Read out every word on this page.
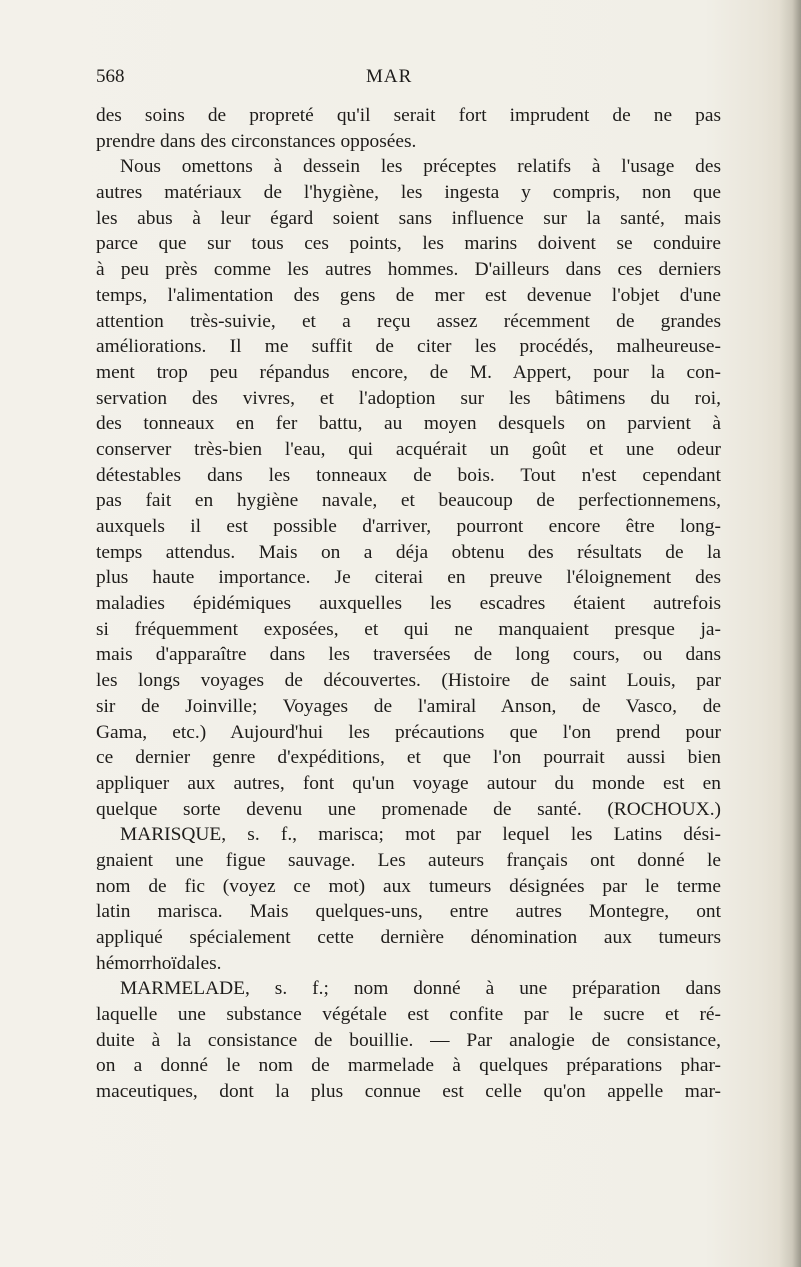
568	MAR
des soins de propreté qu'il serait fort imprudent de ne pas
prendre dans des circonstances opposées.
Nous omettons à dessein les préceptes relatifs à l'usage des
autres matériaux de l'hygiène, les ingesta y compris, non que
les abus à leur égard soient sans influence sur la santé, mais
parce que sur tous ces points, les marins doivent se conduire
à peu près comme les autres hommes. D'ailleurs dans ces derniers
temps, l'alimentation des gens de mer est devenue l'objet d'une
attention très-suivie, et a reçu assez récemment de grandes
améliorations. Il me suffit de citer les procédés, malheureuse-
ment trop peu répandus encore, de M. Appert, pour la con-
servation des vivres, et l'adoption sur les bâtimens du roi,
des tonneaux en fer battu, au moyen desquels on parvient à
conserver très-bien l'eau, qui acquérait un goût et une odeur
détestables dans les tonneaux de bois. Tout n'est cependant
pas fait en hygiène navale, et beaucoup de perfectionnemens,
auxquels il est possible d'arriver, pourront encore être long-
temps attendus. Mais on a déja obtenu des résultats de la
plus haute importance. Je citerai en preuve l'éloignement des
maladies épidémiques auxquelles les escadres étaient autrefois
si fréquemment exposées, et qui ne manquaient presque ja-
mais d'apparaître dans les traversées de long cours, ou dans
les longs voyages de découvertes. (Histoire de saint Louis, par
sir de Joinville; Voyages de l'amiral Anson, de Vasco, de
Gama, etc.) Aujourd'hui les précautions que l'on prend pour
ce dernier genre d'expéditions, et que l'on pourrait aussi bien
appliquer aux autres, font qu'un voyage autour du monde est en
quelque sorte devenu une promenade de santé. (ROCHOUX.)
MARISQUE, s. f., marisca; mot par lequel les Latins dési-
gnaient une figue sauvage. Les auteurs français ont donné le
nom de fic (voyez ce mot) aux tumeurs désignées par le terme
latin marisca. Mais quelques-uns, entre autres Montegre, ont
appliqué spécialement cette dernière dénomination aux tumeurs
hémorrhoïdales.
MARMELADE, s. f.; nom donné à une préparation dans
laquelle une substance végétale est confite par le sucre et ré-
duite à la consistance de bouillie. — Par analogie de consistance,
on a donné le nom de marmelade à quelques préparations phar-
maceutiques, dont la plus connue est celle qu'on appelle mar-
